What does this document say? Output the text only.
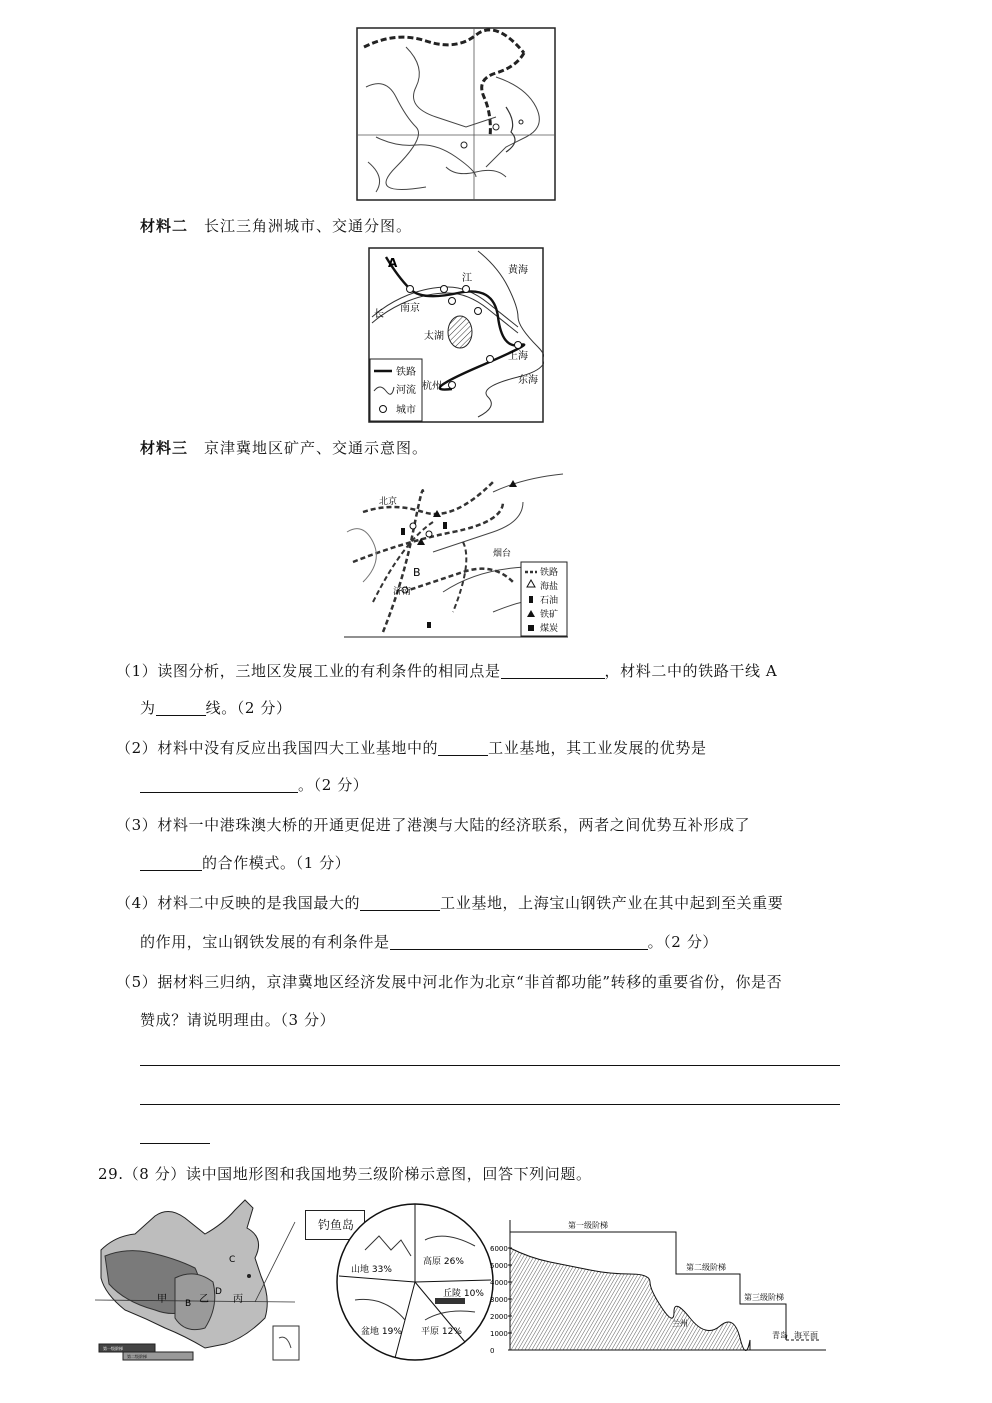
材料二 长江三角洲城市、交通分图。
A
黄海
江
长
南京
太湖
上海
杭州
东海
铁路
河流
城市
材料三 京津冀地区矿产、交通示意图。
北京
B
济南
烟台
铁路
海盐
石油
铁矿
煤炭
（1）读图分析，三地区发展工业的有利条件的相同点是	，材料二中的铁路干线 A
为	线。（2 分）
（2）材料中没有反应出我国四大工业基地中的	工业基地，其工业发展的优势是
。（2 分）
（3）材料一中港珠澳大桥的开通更促进了港澳与大陆的经济联系，两者之间优势互补形成了
的合作模式。（1 分）
（4）材料二中反映的是我国最大的	工业基地，上海宝山钢铁产业在其中起到至关重要
的作用，宝山钢铁发展的有利条件是	。（2 分）
（5）据材料三归纳，京津冀地区经济发展中河北作为北京“非首都功能”转移的重要省份，你是否
赞成？请说明理由。（3 分）
29.（8 分）读中国地形图和我国地势三级阶梯示意图，回答下列问题。
甲	乙 丙
C
D
B
第一级阶梯
第二级阶梯
钓鱼岛
山地 33%
高原 26%
丘陵 10%
盆地 19% 平原 12%
第一级阶梯
第二级阶梯
第三级阶梯
兰州
青岛 海平面
6000
5000
4000
3000
2000
1000
0
